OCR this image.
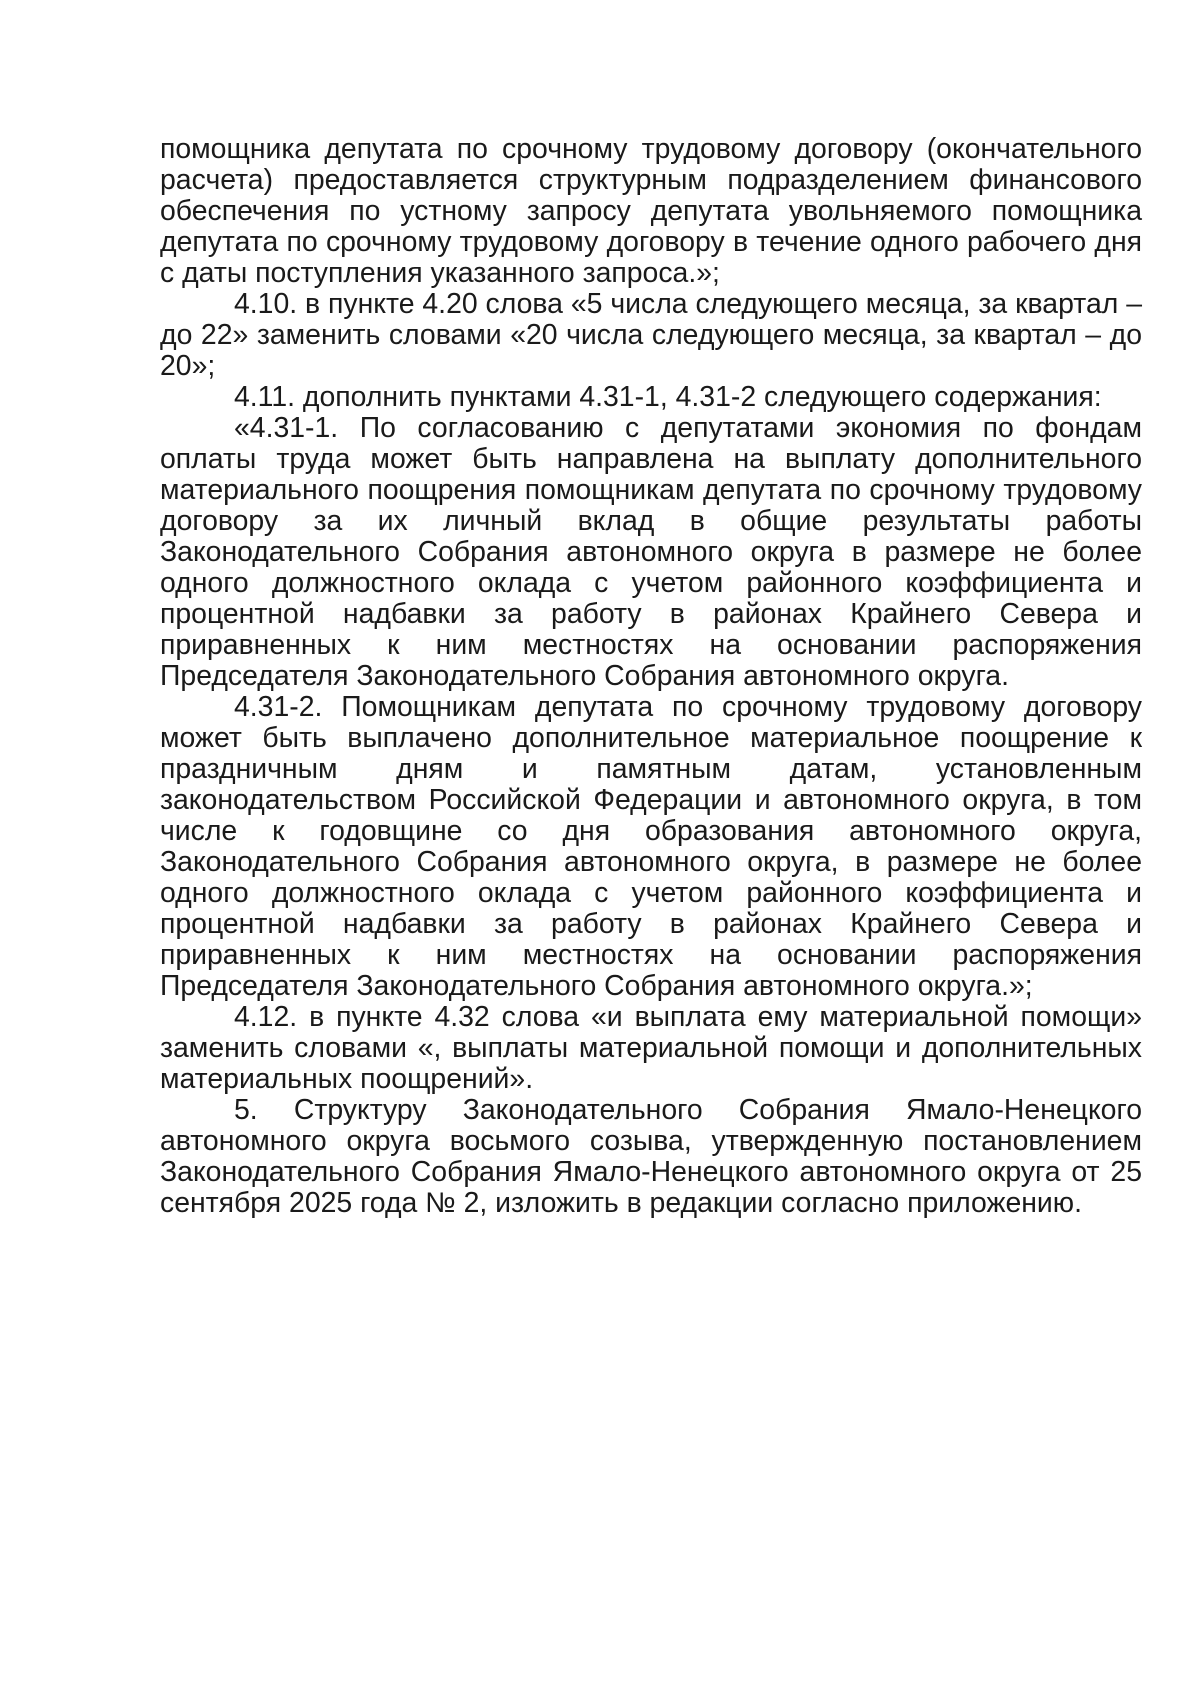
помощника депутата по срочному трудовому договору (окончательного расчета) предоставляется структурным подразделением финансового обеспечения по устному запросу депутата увольняемого помощника депутата по срочному трудовому договору в течение одного рабочего дня с даты поступления указанного запроса.»;

4.10. в пункте 4.20 слова «5 числа следующего месяца, за квартал – до 22» заменить словами «20 числа следующего месяца, за квартал – до 20»;

4.11. дополнить пунктами 4.31-1, 4.31-2 следующего содержания:

«4.31-1. По согласованию с депутатами экономия по фондам оплаты труда может быть направлена на выплату дополнительного материального поощрения помощникам депутата по срочному трудовому договору за их личный вклад в общие результаты работы Законодательного Собрания автономного округа в размере не более одного должностного оклада с учетом районного коэффициента и процентной надбавки за работу в районах Крайнего Севера и приравненных к ним местностях на основании распоряжения Председателя Законодательного Собрания автономного округа.

4.31-2. Помощникам депутата по срочному трудовому договору может быть выплачено дополнительное материальное поощрение к праздничным дням и памятным датам, установленным законодательством Российской Федерации и автономного округа, в том числе к годовщине со дня образования автономного округа, Законодательного Собрания автономного округа, в размере не более одного должностного оклада с учетом районного коэффициента и процентной надбавки за работу в районах Крайнего Севера и приравненных к ним местностях на основании распоряжения Председателя Законодательного Собрания автономного округа.»;

4.12. в пункте 4.32 слова «и выплата ему материальной помощи» заменить словами «, выплаты материальной помощи и дополнительных материальных поощрений».

5. Структуру Законодательного Собрания Ямало-Ненецкого автономного округа восьмого созыва, утвержденную постановлением Законодательного Собрания Ямало-Ненецкого автономного округа от 25 сентября 2025 года № 2, изложить в редакции согласно приложению.
